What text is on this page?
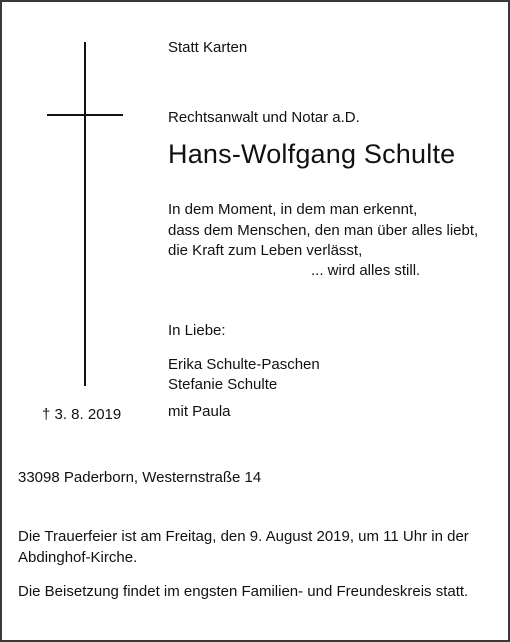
Statt Karten
Rechtsanwalt und Notar a.D.
Hans-Wolfgang Schulte
In dem Moment, in dem man erkennt,
dass dem Menschen, den man über alles liebt,
die Kraft zum Leben verlässt,
... wird alles still.
In Liebe:
Erika Schulte-Paschen
Stefanie Schulte
mit Paula
† 3. 8. 2019
33098 Paderborn, Westernstraße 14
Die Trauerfeier ist am Freitag, den 9. August 2019, um 11 Uhr in der
Abdinghof-Kirche.
Die Beisetzung findet im engsten Familien- und Freundeskreis statt.
